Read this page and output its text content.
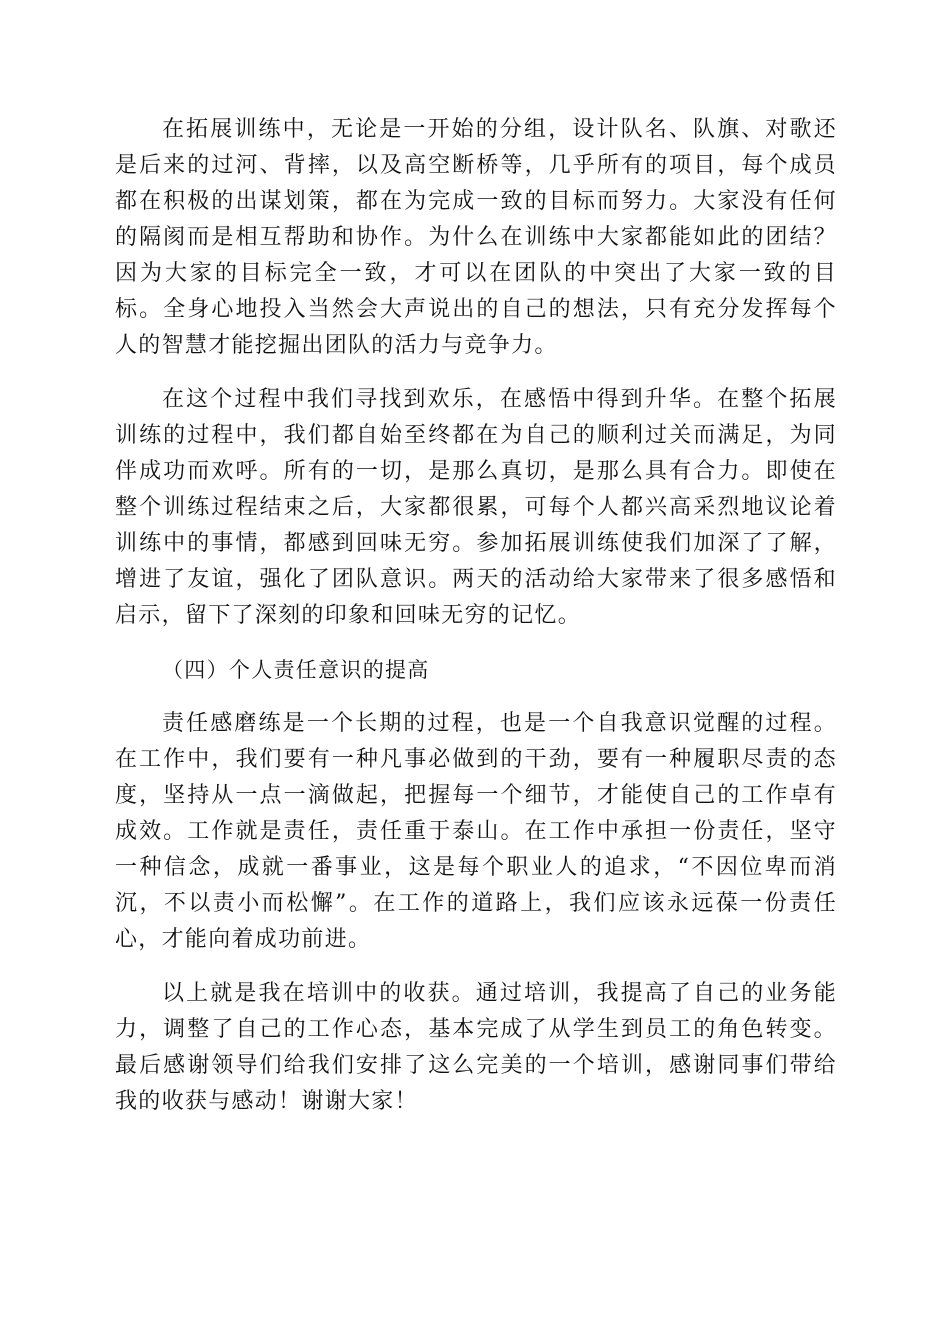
在拓展训练中，无论是一开始的分组，设计队名、队旗、对歌还是后来的过河、背摔，以及高空断桥等，几乎所有的项目，每个成员都在积极的出谋划策，都在为完成一致的目标而努力。大家没有任何的隔阂而是相互帮助和协作。为什么在训练中大家都能如此的团结？因为大家的目标完全一致，才可以在团队的中突出了大家一致的目标。全身心地投入当然会大声说出的自己的想法，只有充分发挥每个人的智慧才能挖掘出团队的活力与竞争力。

在这个过程中我们寻找到欢乐，在感悟中得到升华。在整个拓展训练的过程中，我们都自始至终都在为自己的顺利过关而满足，为同伴成功而欢呼。所有的一切，是那么真切，是那么具有合力。即使在整个训练过程结束之后，大家都很累，可每个人都兴高采烈地议论着训练中的事情，都感到回味无穷。参加拓展训练使我们加深了了解，增进了友谊，强化了团队意识。两天的活动给大家带来了很多感悟和启示，留下了深刻的印象和回味无穷的记忆。

（四）个人责任意识的提高

责任感磨练是一个长期的过程，也是一个自我意识觉醒的过程。在工作中，我们要有一种凡事必做到的干劲，要有一种履职尽责的态度，坚持从一点一滴做起，把握每一个细节，才能使自己的工作卓有成效。工作就是责任，责任重于泰山。在工作中承担一份责任，坚守一种信念，成就一番事业，这是每个职业人的追求，“不因位卑而消沉，不以责小而松懈”。在工作的道路上，我们应该永远葆一份责任心，才能向着成功前进。

以上就是我在培训中的收获。通过培训，我提高了自己的业务能力，调整了自己的工作心态，基本完成了从学生到员工的角色转变。最后感谢领导们给我们安排了这么完美的一个培训，感谢同事们带给我的收获与感动！谢谢大家！
